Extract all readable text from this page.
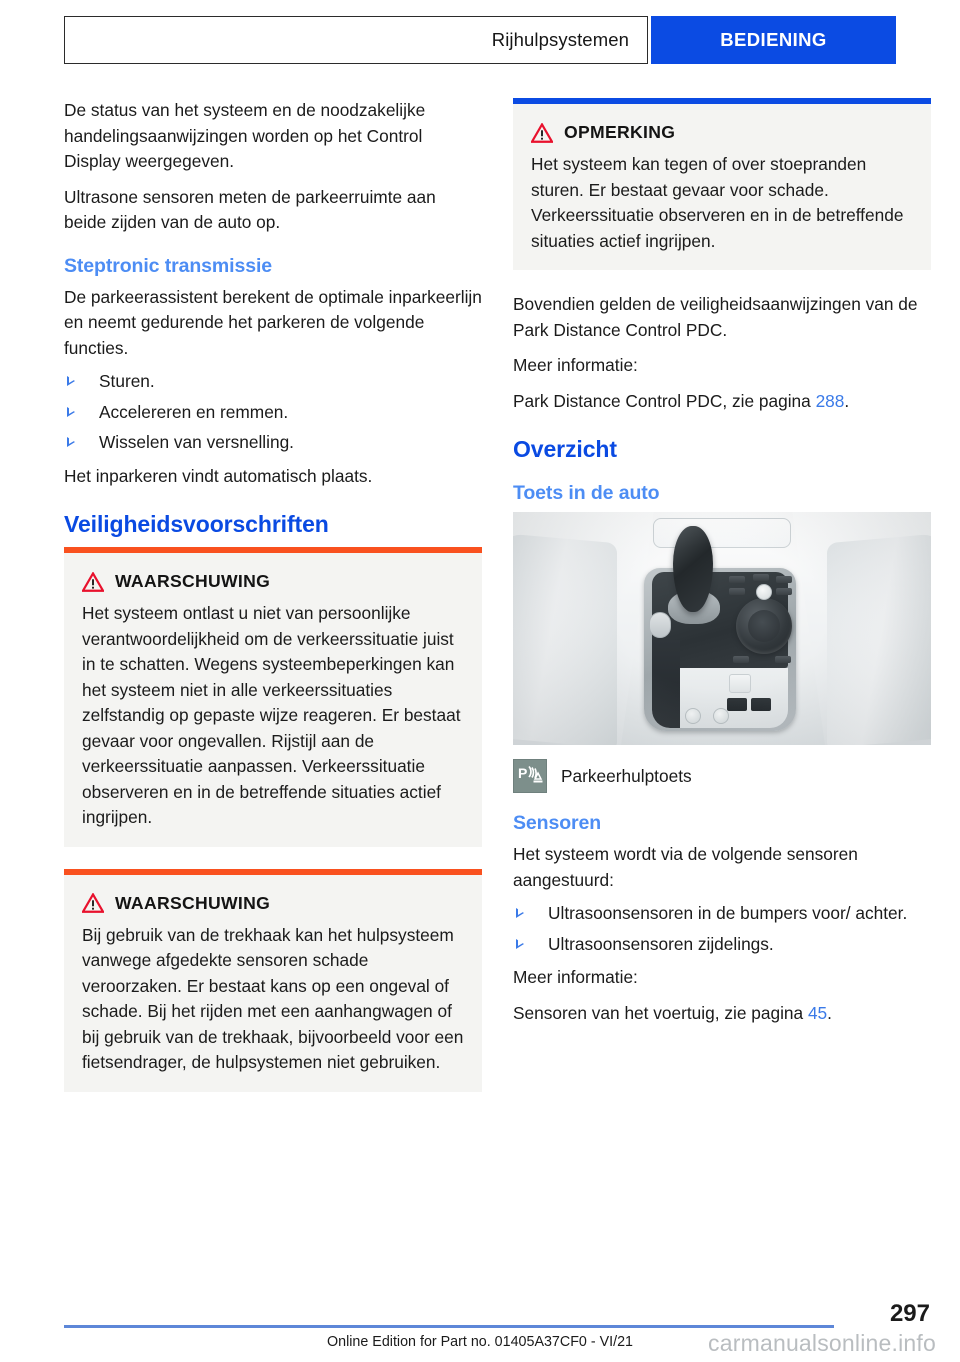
Rijhulpsystemen	BEDIENING

De status van het systeem en de noodzakelijke handelingsaanwijzingen worden op het Control Display weergegeven.

Ultrasone sensoren meten de parkeerruimte aan beide zijden van de auto op.

Steptronic transmissie

De parkeerassistent berekent de optimale inparkeerlijn en neemt gedurende het parkeren de volgende functies.

Sturen.
Accelereren en remmen.
Wisselen van versnelling.

Het inparkeren vindt automatisch plaats.

Veiligheidsvoorschriften
WAARSCHUWING

Het systeem ontlast u niet van persoonlijke verantwoordelijkheid om de verkeerssituatie juist in te schatten. Wegens systeembeperkingen kan het systeem niet in alle verkeerssituaties zelfstandig op gepaste wijze reageren. Er bestaat gevaar voor ongevallen. Rijstijl aan de verkeerssituatie aanpassen. Verkeerssituatie observeren en in de betreffende situaties actief ingrijpen.

WAARSCHUWING

Bij gebruik van de trekhaak kan het hulpsysteem vanwege afgedekte sensoren schade veroorzaken. Er bestaat kans op een ongeval of schade. Bij het rijden met een aanhangwagen of bij gebruik van de trekhaak, bijvoorbeeld voor een fietsendrager, de hulpsystemen niet gebruiken.

OPMERKING

Het systeem kan tegen of over stoepranden sturen. Er bestaat gevaar voor schade. Verkeerssituatie observeren en in de betreffende situaties actief ingrijpen.

Bovendien gelden de veiligheidsaanwijzingen van de Park Distance Control PDC.

Meer informatie:

Park Distance Control PDC, zie pagina 288.

Overzicht
Toets in de auto
P Parkeerhulptoets
Sensoren

Het systeem wordt via de volgende sensoren aangestuurd:

Ultrasoonsensoren in de bumpers voor/ achter.
Ultrasoonsensoren zijdelings.

Meer informatie:

Sensoren van het voertuig, zie pagina 45.

297
Online Edition for Part no. 01405A37CF0 - VI/21	carmanualsonline.info
